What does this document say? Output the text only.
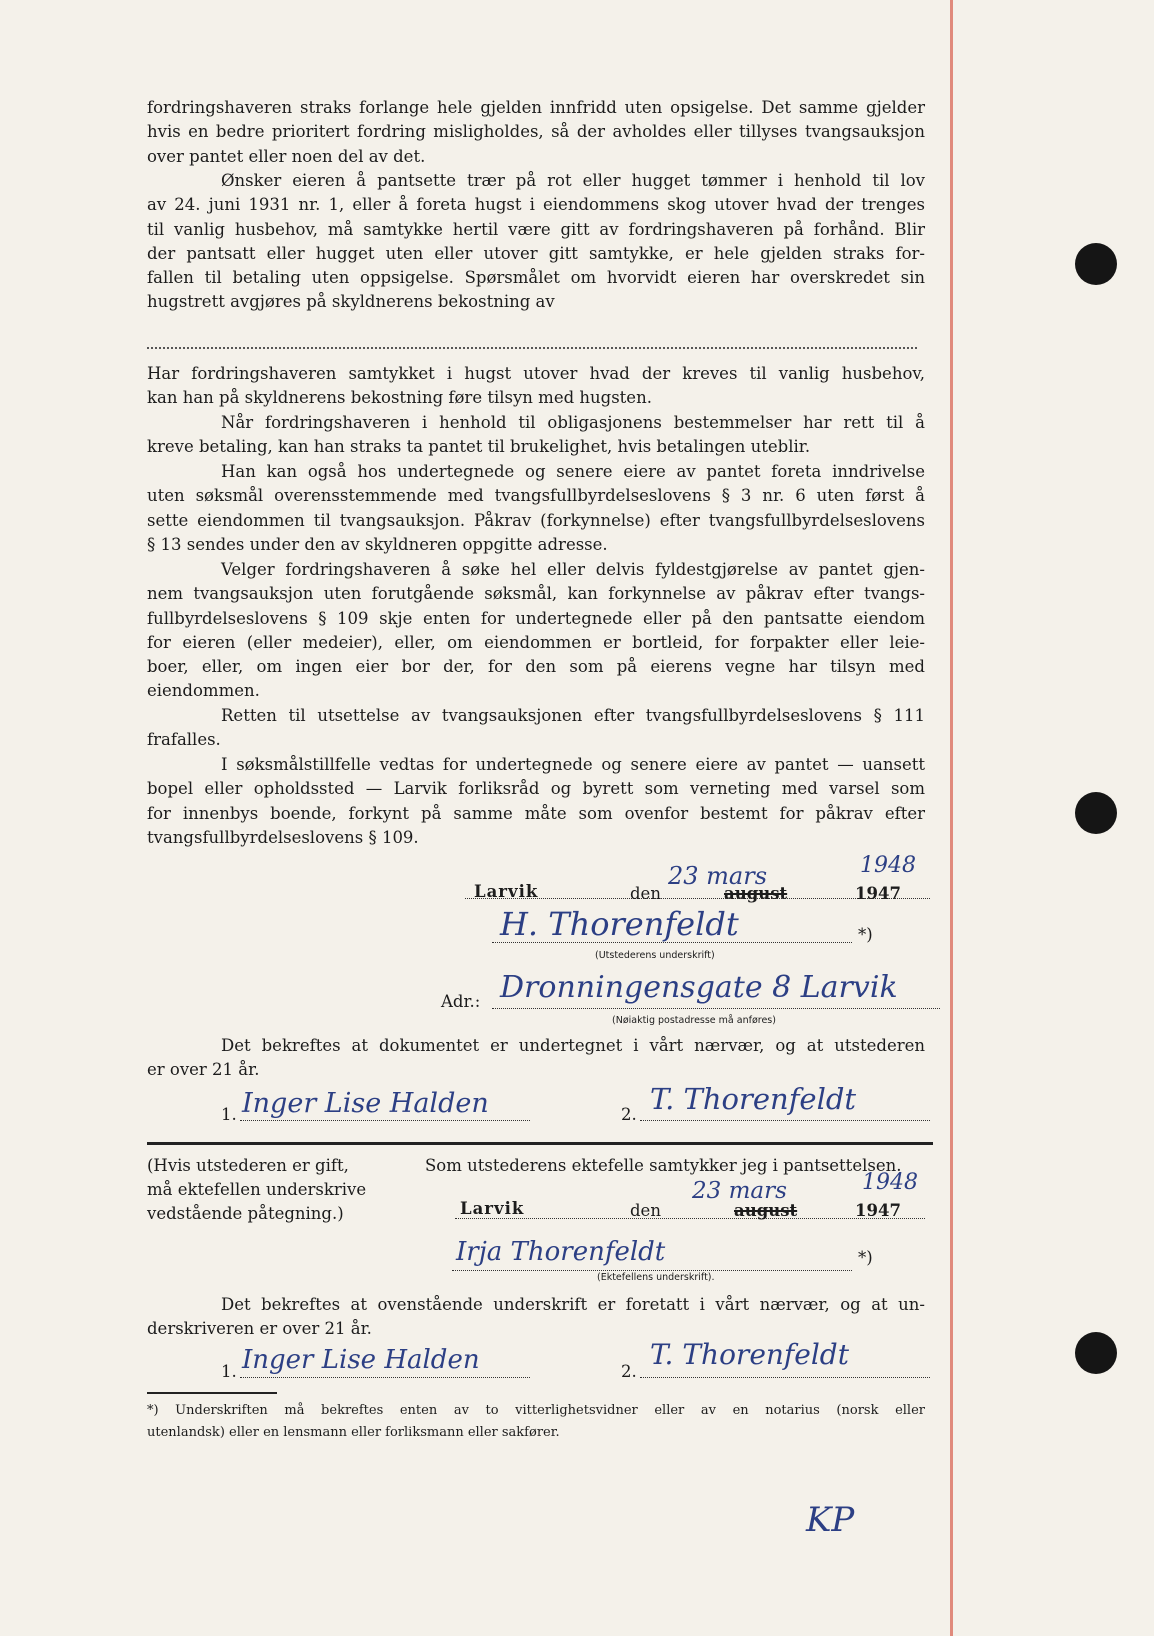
fordringshaveren straks forlange hele gjelden innfridd uten opsigelse. Det samme gjelder
hvis en bedre prioritert fordring misligholdes, så der avholdes eller tillyses tvangsauksjon
over pantet eller noen del av det.

Ønsker eieren å pantsette trær på rot eller hugget tømmer i henhold til lov
av 24. juni 1931 nr. 1, eller å foreta hugst i eiendommens skog utover hvad der trenges
til vanlig husbehov, må samtykke hertil være gitt av fordringshaveren på forhånd. Blir
der pantsatt eller hugget uten eller utover gitt samtykke, er hele gjelden straks for-
fallen til betaling uten oppsigelse. Spørsmålet om hvorvidt eieren har overskredet sin
hugstrett avgjøres på skyldnerens bekostning av

Har fordringshaveren samtykket i hugst utover hvad der kreves til vanlig husbehov,
kan han på skyldnerens bekostning føre tilsyn med hugsten.

Når fordringshaveren i henhold til obligasjonens bestemmelser har rett til å
kreve betaling, kan han straks ta pantet til brukelighet, hvis betalingen uteblir.

Han kan også hos undertegnede og senere eiere av pantet foreta inndrivelse
uten søksmål overensstemmende med tvangsfullbyrdelseslovens § 3 nr. 6 uten først å
sette eiendommen til tvangsauksjon. Påkrav (forkynnelse) efter tvangsfullbyrdelseslovens
§ 13 sendes under den av skyldneren oppgitte adresse.

Velger fordringshaveren å søke hel eller delvis fyldestgjørelse av pantet gjen-
nem tvangsauksjon uten forutgående søksmål, kan forkynnelse av påkrav efter tvangs-
fullbyrdelseslovens § 109 skje enten for undertegnede eller på den pantsatte eiendom
for eieren (eller medeier), eller, om eiendommen er bortleid, for forpakter eller leie-
boer, eller, om ingen eier bor der, for den som på eierens vegne har tilsyn med
eiendommen.

Retten til utsettelse av tvangsauksjonen efter tvangsfullbyrdelseslovens § 111
frafalles.

I søksmålstillfelle vedtas for undertegnede og senere eiere av pantet — uansett
bopel eller opholdssted — Larvik forliksråd og byrett som verneting med varsel som
for innenbys boende, forkynt på samme måte som ovenfor bestemt for påkrav efter
tvangsfullbyrdelseslovens § 109.

Larvik	den
23 mars
august
1948
1947
H. Thorenfeldt	*)
(Utstederens underskrift)
Adr.: Dronningensgate 8 Larvik
(Nøiaktig postadresse må anføres)

Det bekreftes at dokumentet er undertegnet i vårt nærvær, og at utstederen
er over 21 år.

1. Inger Lise Halden	2. T. Thorenfeldt
(Hvis utstederen er gift,
må ektefellen underskrive
vedstående påtegning.)
Som utstederens ektefelle samtykker jeg i pantsettelsen.
Larvik	den
23 mars
august
1948
1947
Irja Thorenfeldt	*)
(Ektefellens underskrift).

Det bekreftes at ovenstående underskrift er foretatt i vårt nærvær, og at un-
derskriveren er over 21 år.

1. Inger Lise Halden	2.
T. Thorenfeldt

*) Underskriften må bekreftes enten av to vitterlighetsvidner eller av en notarius (norsk eller
utenlandsk) eller en lensmann eller forliksmann eller sakfører.

KP
